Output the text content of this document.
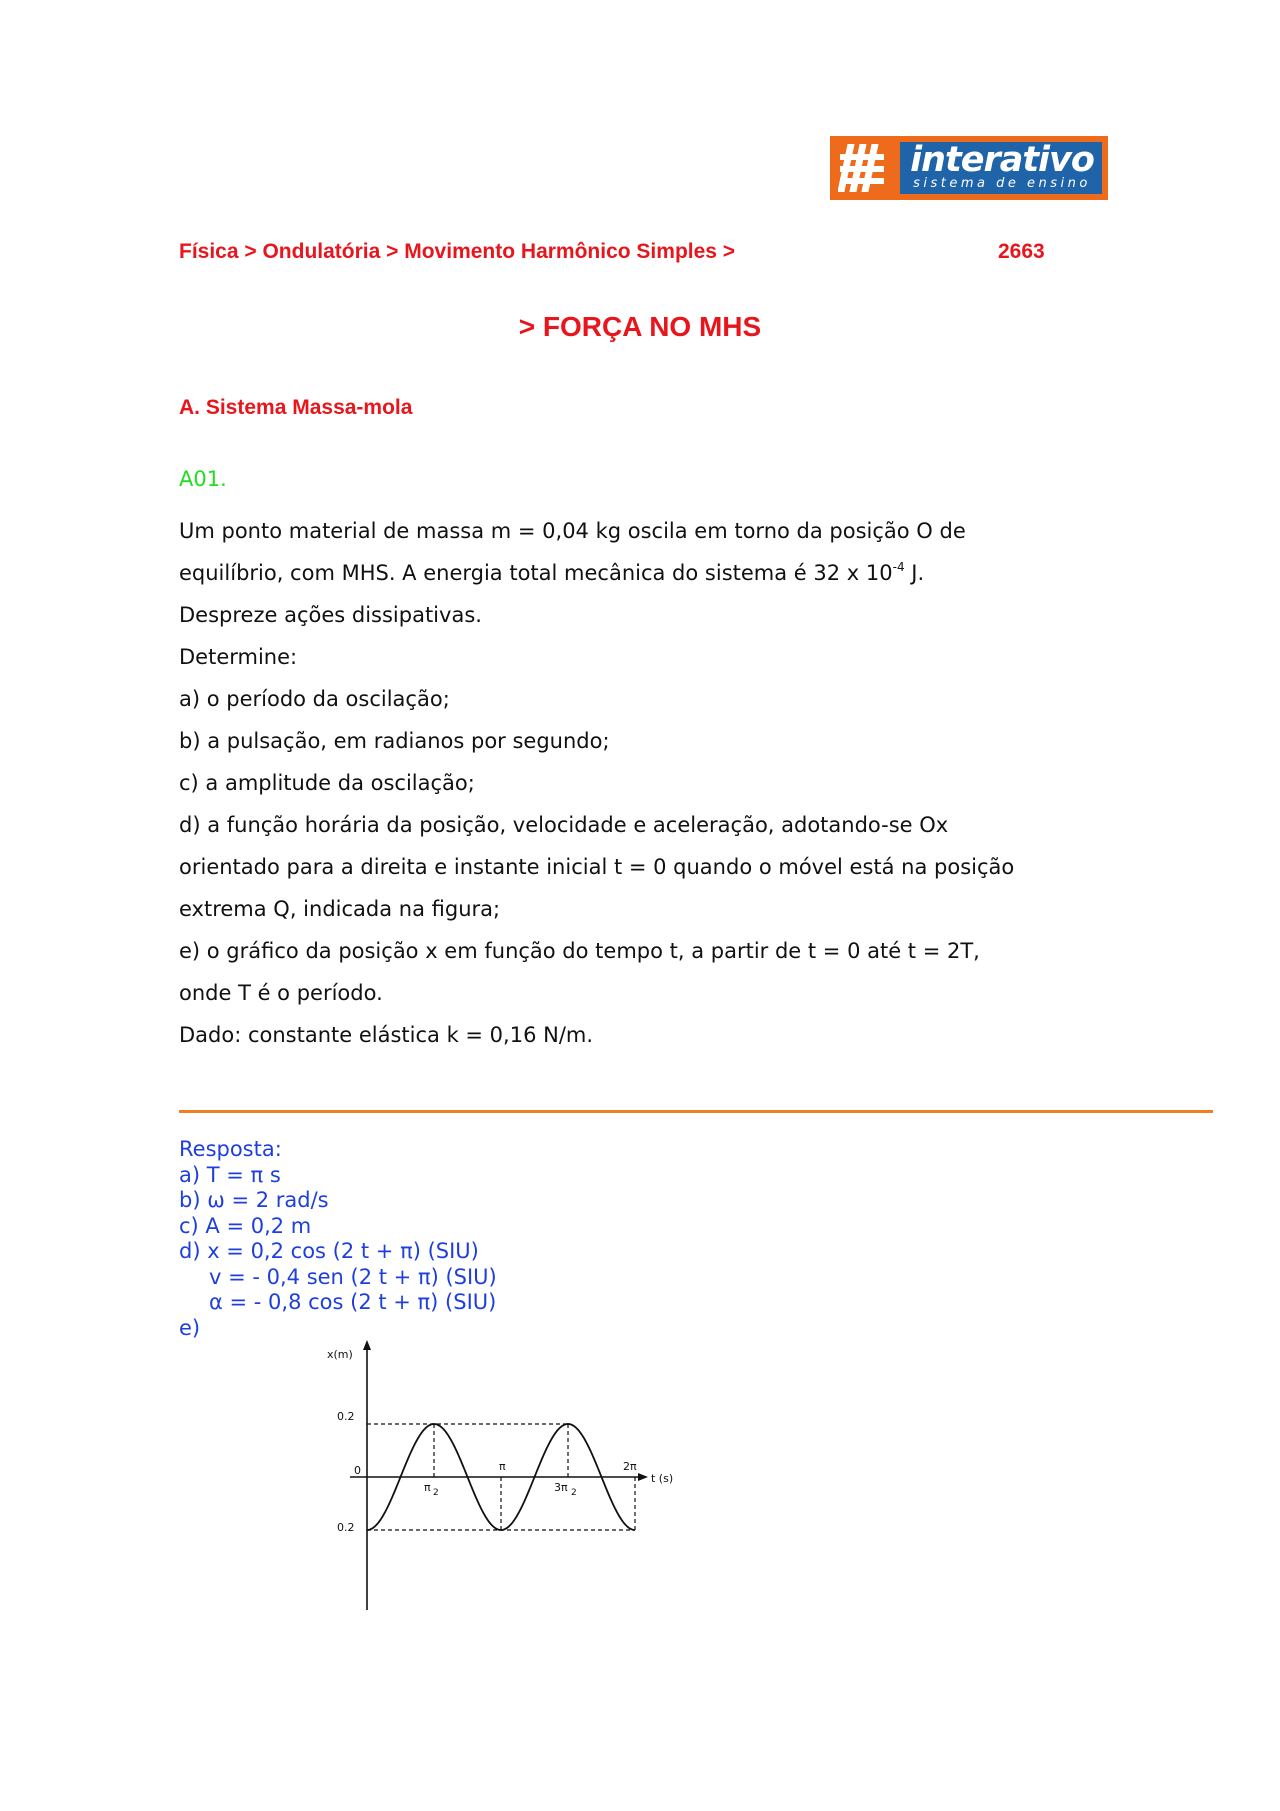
interativo
sistema de ensino
Física > Ondulatória > Movimento Harmônico Simples >	2663
> FORÇA NO MHS
A. Sistema Massa-mola
A01.
Um ponto material de massa m = 0,04 kg oscila em torno da posição O de
equilíbrio, com MHS. A energia total mecânica do sistema é 32 x $10^{-4}$ J.
Despreze ações dissipativas.
Determine:
a) o período da oscilação;
b) a pulsação, em radianos por segundo;
c) a amplitude da oscilação;
d) a função horária da posição, velocidade e aceleração, adotando-se Ox
orientado para a direita e instante inicial t = 0 quando o móvel está na posição
extrema Q, indicada na figura;
e) o gráfico da posição x em função do tempo t, a partir de t = 0 até t = 2T,
onde T é o período.
Dado: constante elástica k = 0,16 N/m.
Resposta:
a) T = π s
b) ω = 2 rad/s
c) A = 0,2 m
d) x = 0,2 cos (2 t + π) (SIU)
v = - 0,4 sen (2 t + π) (SIU)
α = - 0,8 cos (2 t + π) (SIU)
e)
x(m)
t (s)
0
0.2
0.2
π 2
π
3π 2
2π
